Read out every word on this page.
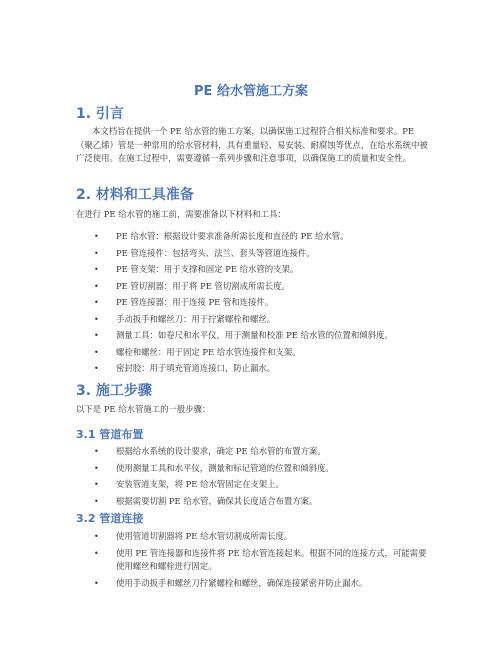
PE 给水管施工方案
1. 引言
本文档旨在提供一个 PE 给水管的施工方案，以确保施工过程符合相关标准和要求。PE（聚乙烯）管是一种常用的给水管材料，具有重量轻、易安装、耐腐蚀等优点，在给水系统中被广泛使用。在施工过程中，需要遵循一系列步骤和注意事项，以确保施工的质量和安全性。
2. 材料和工具准备
在进行 PE 给水管的施工前，需要准备以下材料和工具：
• PE 给水管：根据设计要求准备所需长度和直径的 PE 给水管。
• PE 管连接件：包括弯头、法兰、套头等管道连接件。
• PE 管支架：用于支撑和固定 PE 给水管的支架。
• PE 管切割器：用于将 PE 管切割成所需长度。
• PE 管连接器：用于连接 PE 管和连接件。
• 手动扳手和螺丝刀：用于拧紧螺栓和螺丝。
• 测量工具：如卷尺和水平仪，用于测量和校准 PE 给水管的位置和倾斜度。
• 螺栓和螺丝：用于固定 PE 给水管连接件和支架。
• 密封胶：用于填充管道连接口，防止漏水。
3. 施工步骤
以下是 PE 给水管施工的一般步骤：
3.1 管道布置
• 根据给水系统的设计要求，确定 PE 给水管的布置方案。
• 使用测量工具和水平仪，测量和标记管道的位置和倾斜度。
• 安装管道支架，将 PE 给水管固定在支架上。
• 根据需要切割 PE 给水管，确保其长度适合布置方案。
3.2 管道连接
• 使用管道切割器将 PE 给水管切割成所需长度。
• 使用 PE 管连接器和连接件将 PE 给水管连接起来。根据不同的连接方式，可能需要使用螺丝和螺栓进行固定。
• 使用手动扳手和螺丝刀拧紧螺栓和螺丝，确保连接紧密并防止漏水。
